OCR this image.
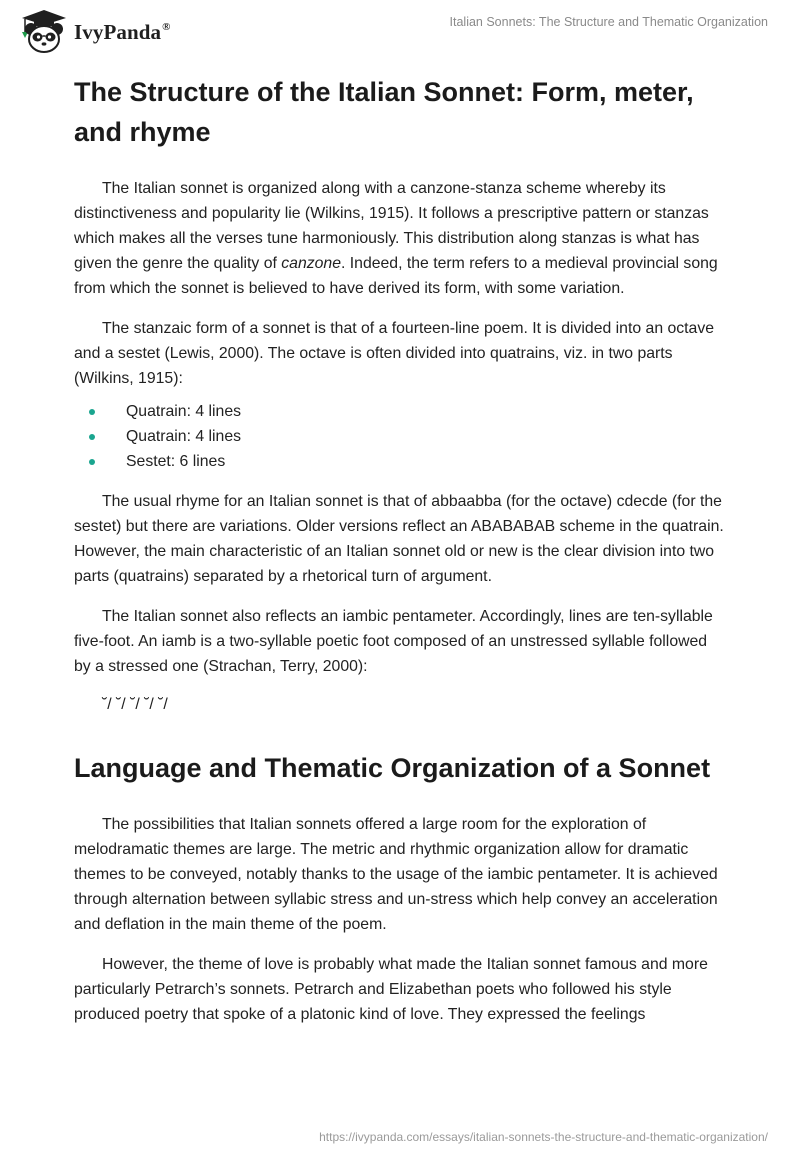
IvyPanda®	Italian Sonnets: The Structure and Thematic Organization
The Structure of the Italian Sonnet: Form, meter, and rhyme

The Italian sonnet is organized along with a canzone-stanza scheme whereby its distinctiveness and popularity lie (Wilkins, 1915). It follows a prescriptive pattern or stanzas which makes all the verses tune harmoniously. This distribution along stanzas is what has given the genre the quality of canzone. Indeed, the term refers to a medieval provincial song from which the sonnet is believed to have derived its form, with some variation.

The stanzaic form of a sonnet is that of a fourteen-line poem. It is divided into an octave and a sestet (Lewis, 2000). The octave is often divided into quatrains, viz. in two parts (Wilkins, 1915):

Quatrain: 4 lines
Quatrain: 4 lines
Sestet: 6 lines

The usual rhyme for an Italian sonnet is that of abbaabba (for the octave) cdecde (for the sestet) but there are variations. Older versions reflect an ABABABAB scheme in the quatrain. However, the main characteristic of an Italian sonnet old or new is the clear division into two parts (quatrains) separated by a rhetorical turn of argument.

The Italian sonnet also reflects an iambic pentameter. Accordingly, lines are ten-syllable five-foot. An iamb is a two-syllable poetic foot composed of an unstressed syllable followed by a stressed one (Strachan, Terry, 2000):

˘/ ˘/ ˘/ ˘/ ˘/
Language and Thematic Organization of a Sonnet

The possibilities that Italian sonnets offered a large room for the exploration of melodramatic themes are large. The metric and rhythmic organization allow for dramatic themes to be conveyed, notably thanks to the usage of the iambic pentameter. It is achieved through alternation between syllabic stress and un-stress which help convey an acceleration and deflation in the main theme of the poem.

However, the theme of love is probably what made the Italian sonnet famous and more particularly Petrarch’s sonnets. Petrarch and Elizabethan poets who followed his style produced poetry that spoke of a platonic kind of love. They expressed the feelings

https://ivypanda.com/essays/italian-sonnets-the-structure-and-thematic-organization/
